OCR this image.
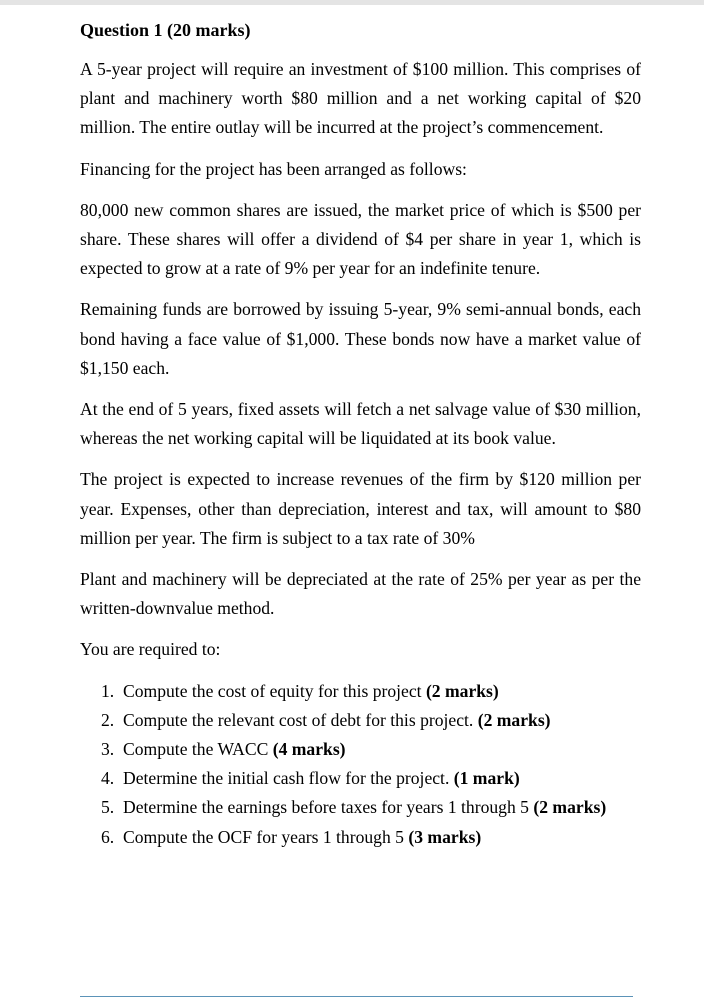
Question 1 (20 marks)

A 5-year project will require an investment of $100 million. This comprises of plant and machinery worth $80 million and a net working capital of $20 million. The entire outlay will be incurred at the project’s commencement.

Financing for the project has been arranged as follows:

80,000 new common shares are issued, the market price of which is $500 per share. These shares will offer a dividend of $4 per share in year 1, which is expected to grow at a rate of 9% per year for an indefinite tenure.

Remaining funds are borrowed by issuing 5-year, 9% semi-annual bonds, each bond having a face value of $1,000. These bonds now have a market value of $1,150 each.

At the end of 5 years, fixed assets will fetch a net salvage value of $30 million, whereas the net working capital will be liquidated at its book value.

The project is expected to increase revenues of the firm by $120 million per year. Expenses, other than depreciation, interest and tax, will amount to $80 million per year. The firm is subject to a tax rate of 30%

Plant and machinery will be depreciated at the rate of 25% per year as per the written-downvalue method.

You are required to:

1. Compute the cost of equity for this project (2 marks)
2. Compute the relevant cost of debt for this project. (2 marks)
3. Compute the WACC (4 marks)
4. Determine the initial cash flow for the project. (1 mark)
5. Determine the earnings before taxes for years 1 through 5 (2 marks)
6. Compute the OCF for years 1 through 5 (3 marks)
